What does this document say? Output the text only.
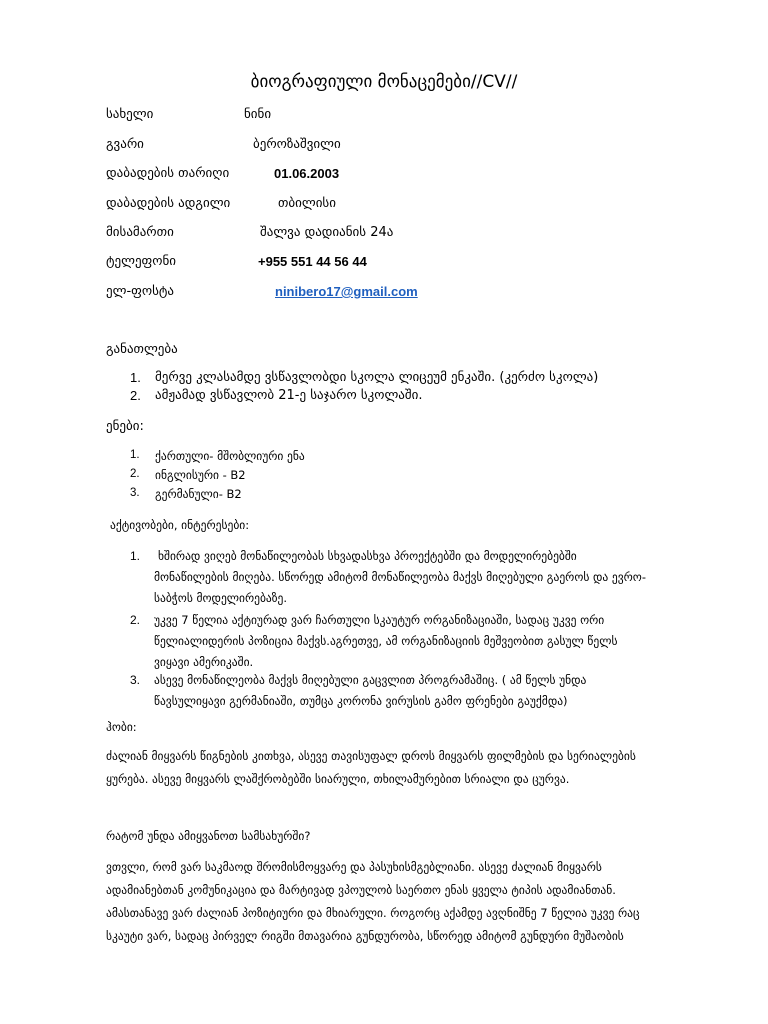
ბიოგრაფიული მონაცემები//CV//
სახელი	ნინი
გვარი	ბეროზაშვილი
დაბადების თარიღი	01.06.2003
დაბადების ადგილი	თბილისი
მისამართი	შალვა დადიანის 24ა
ტელეფონი	+955 551 44 56 44
ელ-ფოსტა	ninibero17@gmail.com
განათლება
1. მერვე კლასამდე ვსწავლობდი სკოლა ლიცეუმ ენკაში. (კერძო სკოლა)
2. ამჟამად ვსწავლობ 21-ე საჯარო სკოლაში.
ენები:
1. ქართული- მშობლიური ენა
2. ინგლისური - B2
3. გერმანული- B2
აქტივობები, ინტერესები:
1.	ხშირად ვიღებ მონაწილეობას სხვადასხვა პროექტებში და მოდელირებებში
მონაწილების მიღება. სწორედ ამიტომ მონაწილეობა მაქვს მიღებული გაეროს და ევრო-
საბჭოს მოდელირებაზე.
2. უკვე 7 წელია აქტიურად ვარ ჩართული სკაუტურ ორგანიზაციაში, სადაც უკვე ორი
წელიალიდერის პოზიცია მაქვს.აგრეთვე, ამ ორგანიზაციის მეშვეობით გასულ წელს
ვიყავი ამერიკაში.
3. ასევე მონაწილეობა მაქვს მიღებული გაცვლით პროგრამაშიც. ( ამ წელს უნდა
წავსულიყავი გერმანიაში, თუმცა კორონა ვირუსის გამო ფრენები გაუქმდა)
ჰობი:
ძალიან მიყვარს წიგნების კითხვა, ასევე თავისუფალ დროს მიყვარს ფილმების და სერიალების
ყურება. ასევე მიყვარს ლაშქრობებში სიარული, თხილამურებით სრიალი და ცურვა.
რატომ უნდა ამიყვანოთ სამსახურში?
ვთვლი, რომ ვარ საკმაოდ შრომისმოყვარე და პასუხისმგებლიანი. ასევე ძალიან მიყვარს
ადამიანებთან კომუნიკაცია და მარტივად ვპოულობ საერთო ენას ყველა ტიპის ადამიანთან.
ამასთანავე ვარ ძალიან პოზიტიური და მხიარული. როგორც აქამდე ავღნიშნე 7 წელია უკვე რაც
სკაუტი ვარ, სადაც პირველ რიგში მთავარია გუნდურობა, სწორედ ამიტომ გუნდური მუშაობის
